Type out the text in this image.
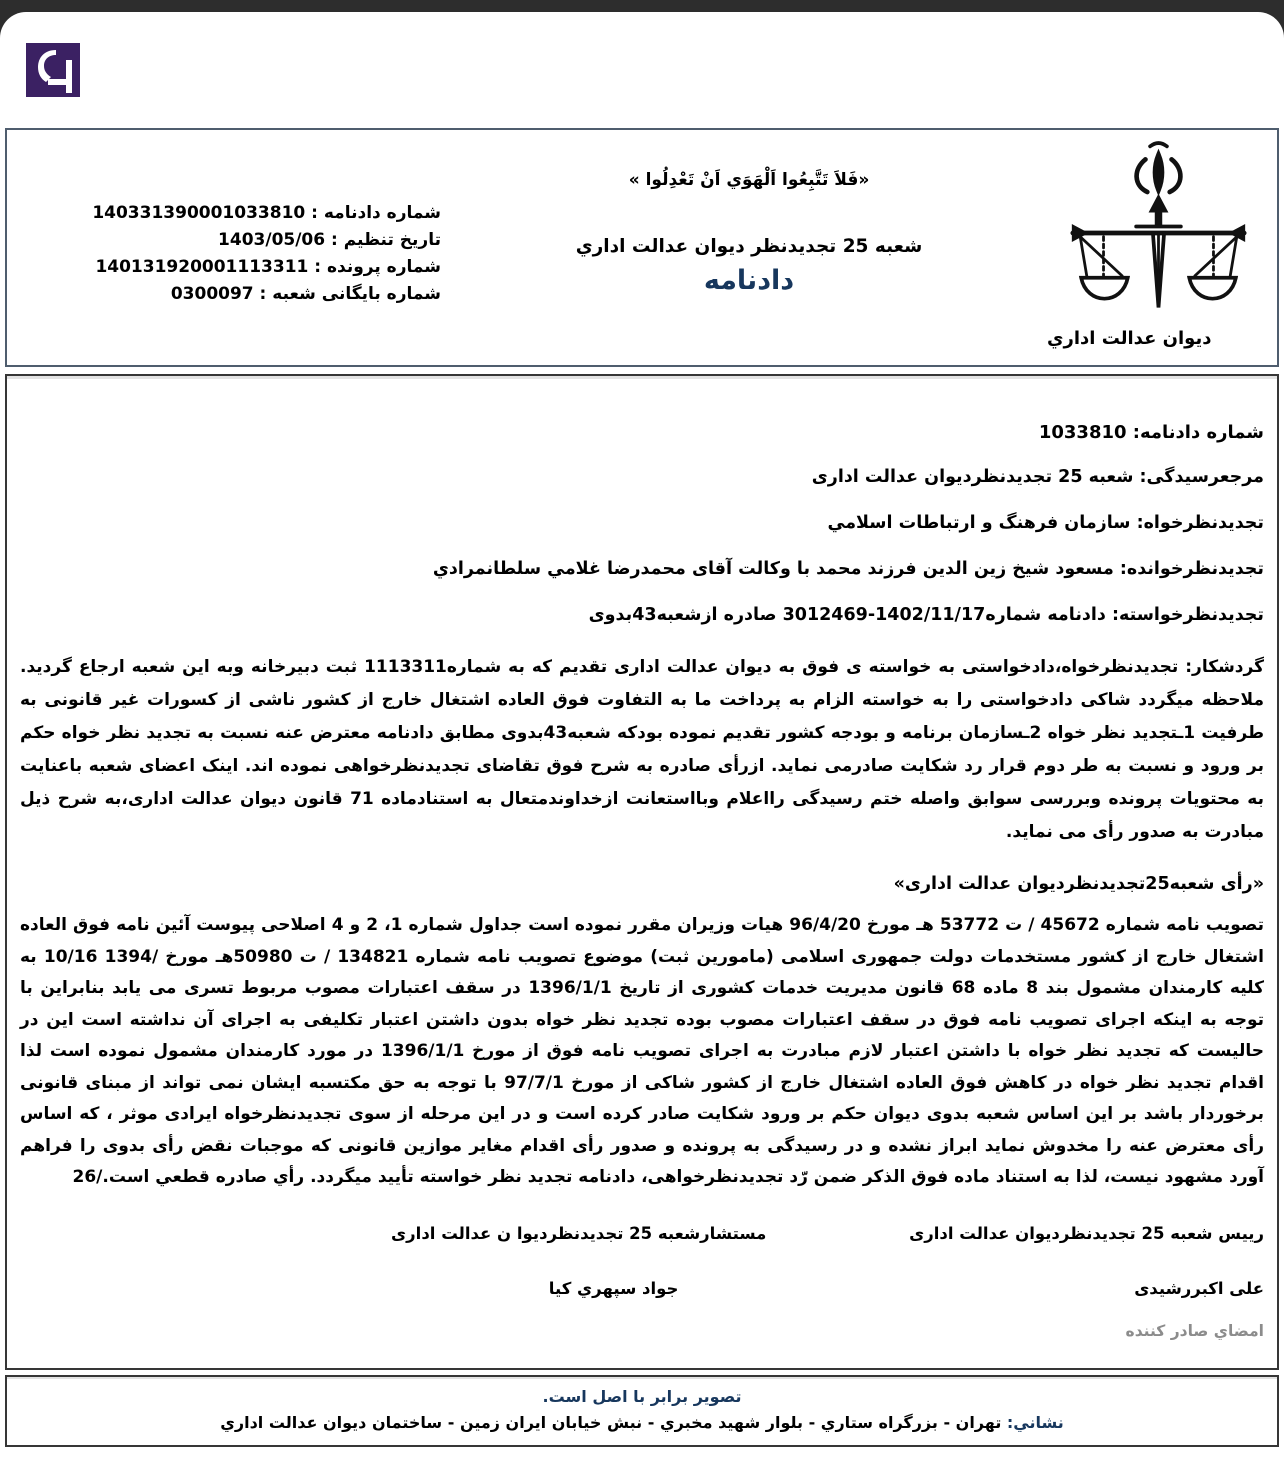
دیوان عدالت اداري
«فَلاَ تَتَّبِعُوا اَلْهَوَي اَنْ تَعْدِلُوا »
شعبه 25 تجدیدنظر دیوان عدالت اداري
دادنامه
شماره دادنامه : 140331390001033810
تاریخ تنظیم : 1403/05/06
شماره پرونده : 140131920001113311
شماره بایگانی شعبه : 0300097
شماره دادنامه: 1033810
مرجعرسیدگی: شعبه 25 تجدیدنظردیوان عدالت اداری
تجدیدنظرخواه: سازمان فرهنگ و ارتباطات اسلامي
تجدیدنظرخوانده: مسعود شیخ زین الدین فرزند محمد با وکالت آقای محمدرضا غلامي سلطانمرادي
تجدیدنظرخواسته: دادنامه شماره1402/11/17-3012469 صادره ازشعبه43بدوی

گردشکار: تجدیدنظرخواه،دادخواستی به خواسته ی فوق به دیوان عدالت اداری تقدیم که به شماره1113311 ثبت دبیرخانه وبه این شعبه ارجاع گردید. ملاحظه میگردد شاکی دادخواستی را به خواسته الزام به پرداخت ما به التفاوت فوق العاده اشتغال خارج از کشور ناشی از کسورات غیر قانونی به طرفیت 1ـتجدید نظر خواه 2ـسازمان برنامه و بودجه کشور تقدیم نموده بودکه شعبه43بدوی مطابق دادنامه معترض عنه نسبت به تجدید نظر خواه حکم بر ورود و نسبت به طر دوم قرار رد شکایت صادرمی نماید. ازرأی صادره به شرح فوق تقاضای تجدیدنظرخواهی نموده اند. اینک اعضای شعبه باعنایت به محتویات پرونده وبررسی سوابق واصله ختم رسیدگی رااعلام وبااستعانت ازخداوندمتعال به استنادماده 71 قانون دیوان عدالت اداری،به شرح ذیل مبادرت به صدور رأی می نماید.

«رأی شعبه25تجدیدنظردیوان عدالت اداری»

تصویب نامه شماره 45672 / ت 53772 هـ مورخ 96/4/20 هیات وزیران مقرر نموده است جداول شماره 1، 2 و 4 اصلاحی پیوست آئین نامه فوق العاده اشتغال خارج از کشور مستخدمات دولت جمهوری اسلامی (مامورین ثبت) موضوع تصویب نامه شماره 134821 / ت 50980هـ مورخ /1394 10/16 به کلیه کارمندان مشمول بند 8 ماده 68 قانون مدیریت خدمات کشوری از تاریخ 1396/1/1 در سقف اعتبارات مصوب مربوط تسری می یابد بنابراین با توجه به اینکه اجرای تصویب نامه فوق در سقف اعتبارات مصوب بوده تجدید نظر خواه بدون داشتن اعتبار تکلیفی به اجرای آن نداشته است این در حالیست که تجدید نظر خواه با داشتن اعتبار لازم مبادرت به اجرای تصویب نامه فوق از مورخ 1396/1/1 در مورد کارمندان مشمول نموده است لذا اقدام تجدید نظر خواه در کاهش فوق العاده اشتغال خارج از کشور شاکی از مورخ 97/7/1 با توجه به حق مکتسبه ایشان نمی تواند از مبنای قانونی برخوردار باشد بر این اساس شعبه بدوی دیوان حکم بر ورود شکایت صادر کرده است و در این مرحله از سوی تجدیدنظرخواه ایرادی موثر ، که اساس رأی معترض عنه را مخدوش نماید ابراز نشده و در رسیدگی به پرونده و صدور رأی اقدام مغایر موازین قانونی که موجبات نقض رأی بدوی را فراهم آورد مشهود نیست، لذا به استناد ماده فوق الذکر ضمن رّد تجدیدنظرخواهی، دادنامه تجدید نظر خواسته تأیید میگردد. رأي صادره قطعي است./26

رییس شعبه 25 تجدیدنظردیوان عدالت اداری
علی اکبررشیدی
مستشارشعبه 25 تجدیدنظردیوا ن عدالت اداری
جواد سپهري کیا
امضاي صادر کننده
تصویر برابر با اصل است.
نشاني: تهران - بزرگراه ستاري - بلوار شهید مخبري - نبش خیابان ایران زمین - ساختمان دیوان عدالت اداري
